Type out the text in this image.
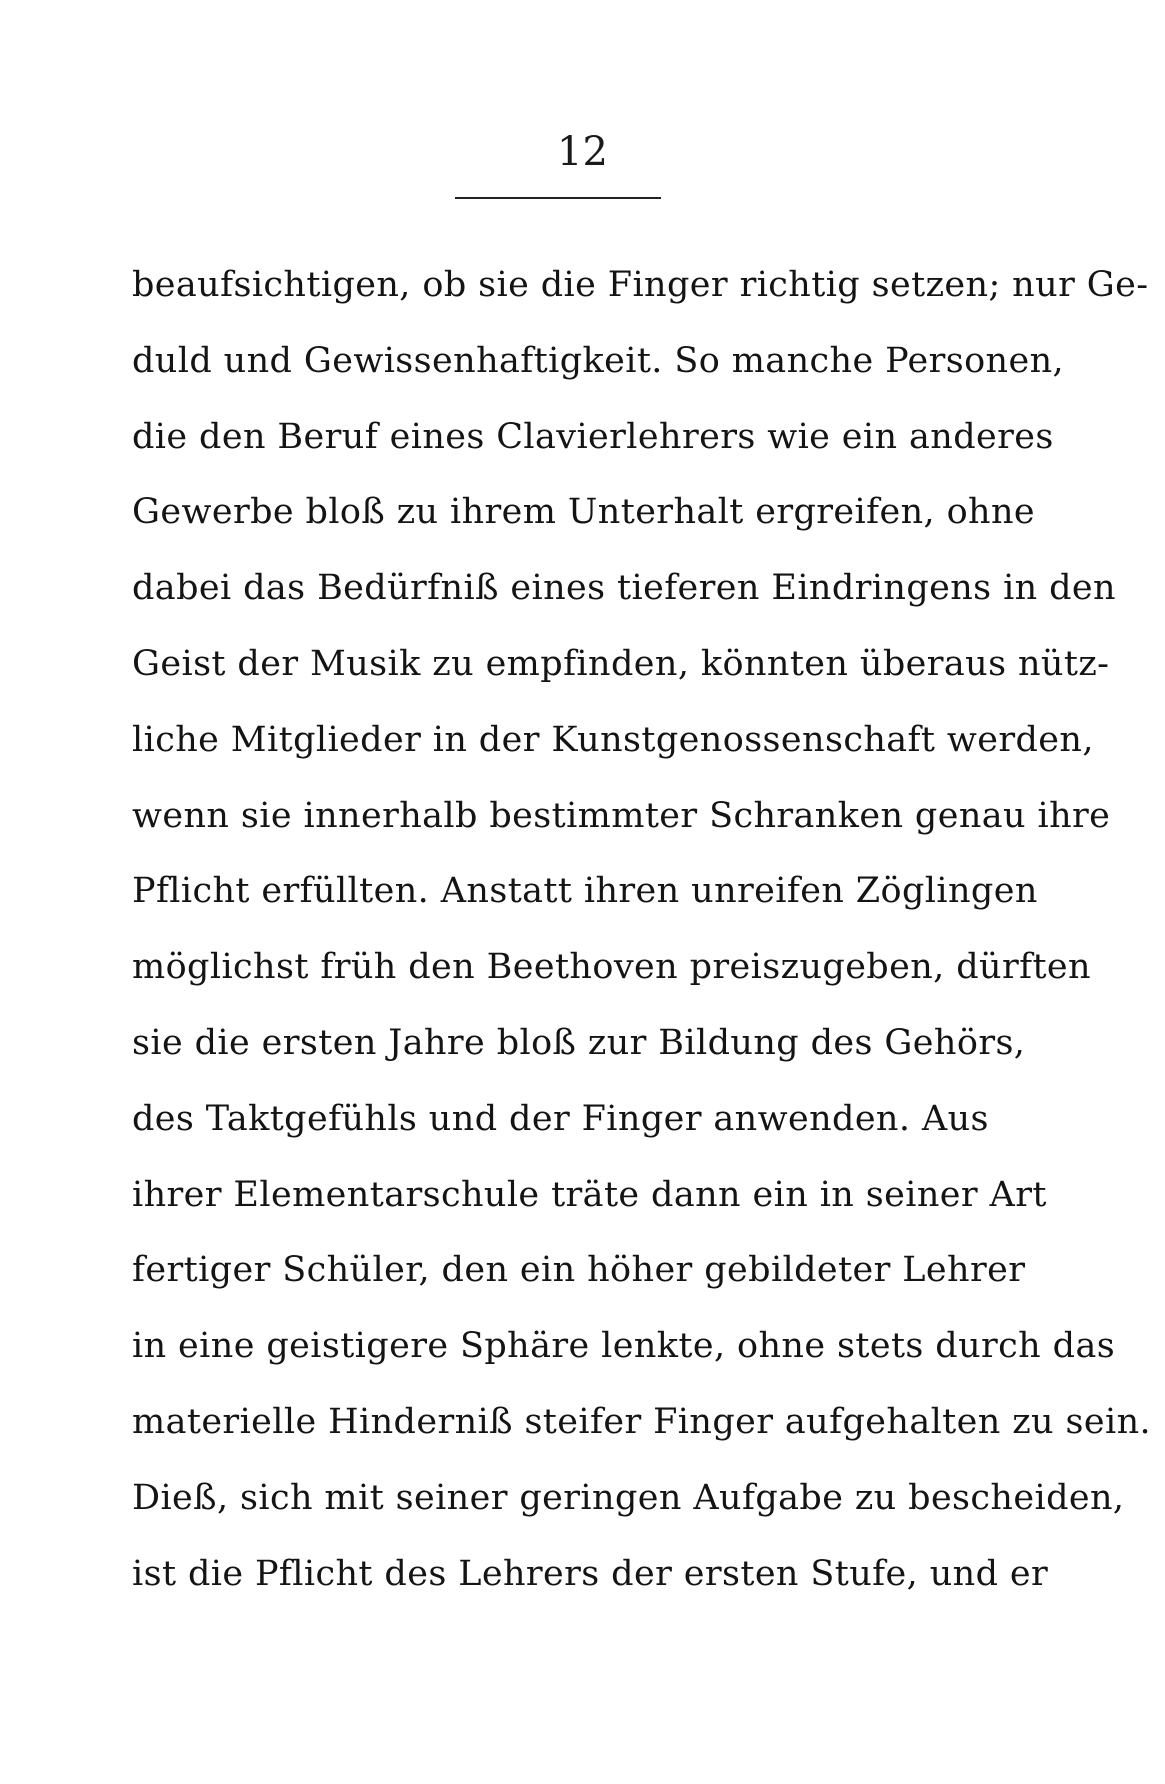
12
beaufsichtigen, ob sie die Finger richtig setzen; nur Ge-
duld und Gewissenhaftigkeit. So manche Personen,
die den Beruf eines Clavierlehrers wie ein anderes
Gewerbe bloß zu ihrem Unterhalt ergreifen, ohne
dabei das Bedürfniß eines tieferen Eindringens in den
Geist der Musik zu empfinden, könnten überaus nütz-
liche Mitglieder in der Kunstgenossenschaft werden,
wenn sie innerhalb bestimmter Schranken genau ihre
Pflicht erfüllten. Anstatt ihren unreifen Zöglingen
möglichst früh den Beethoven preiszugeben, dürften
sie die ersten Jahre bloß zur Bildung des Gehörs,
des Taktgefühls und der Finger anwenden. Aus
ihrer Elementarschule träte dann ein in seiner Art
fertiger Schüler, den ein höher gebildeter Lehrer
in eine geistigere Sphäre lenkte, ohne stets durch das
materielle Hinderniß steifer Finger aufgehalten zu sein.
Dieß, sich mit seiner geringen Aufgabe zu bescheiden,
ist die Pflicht des Lehrers der ersten Stufe, und er
